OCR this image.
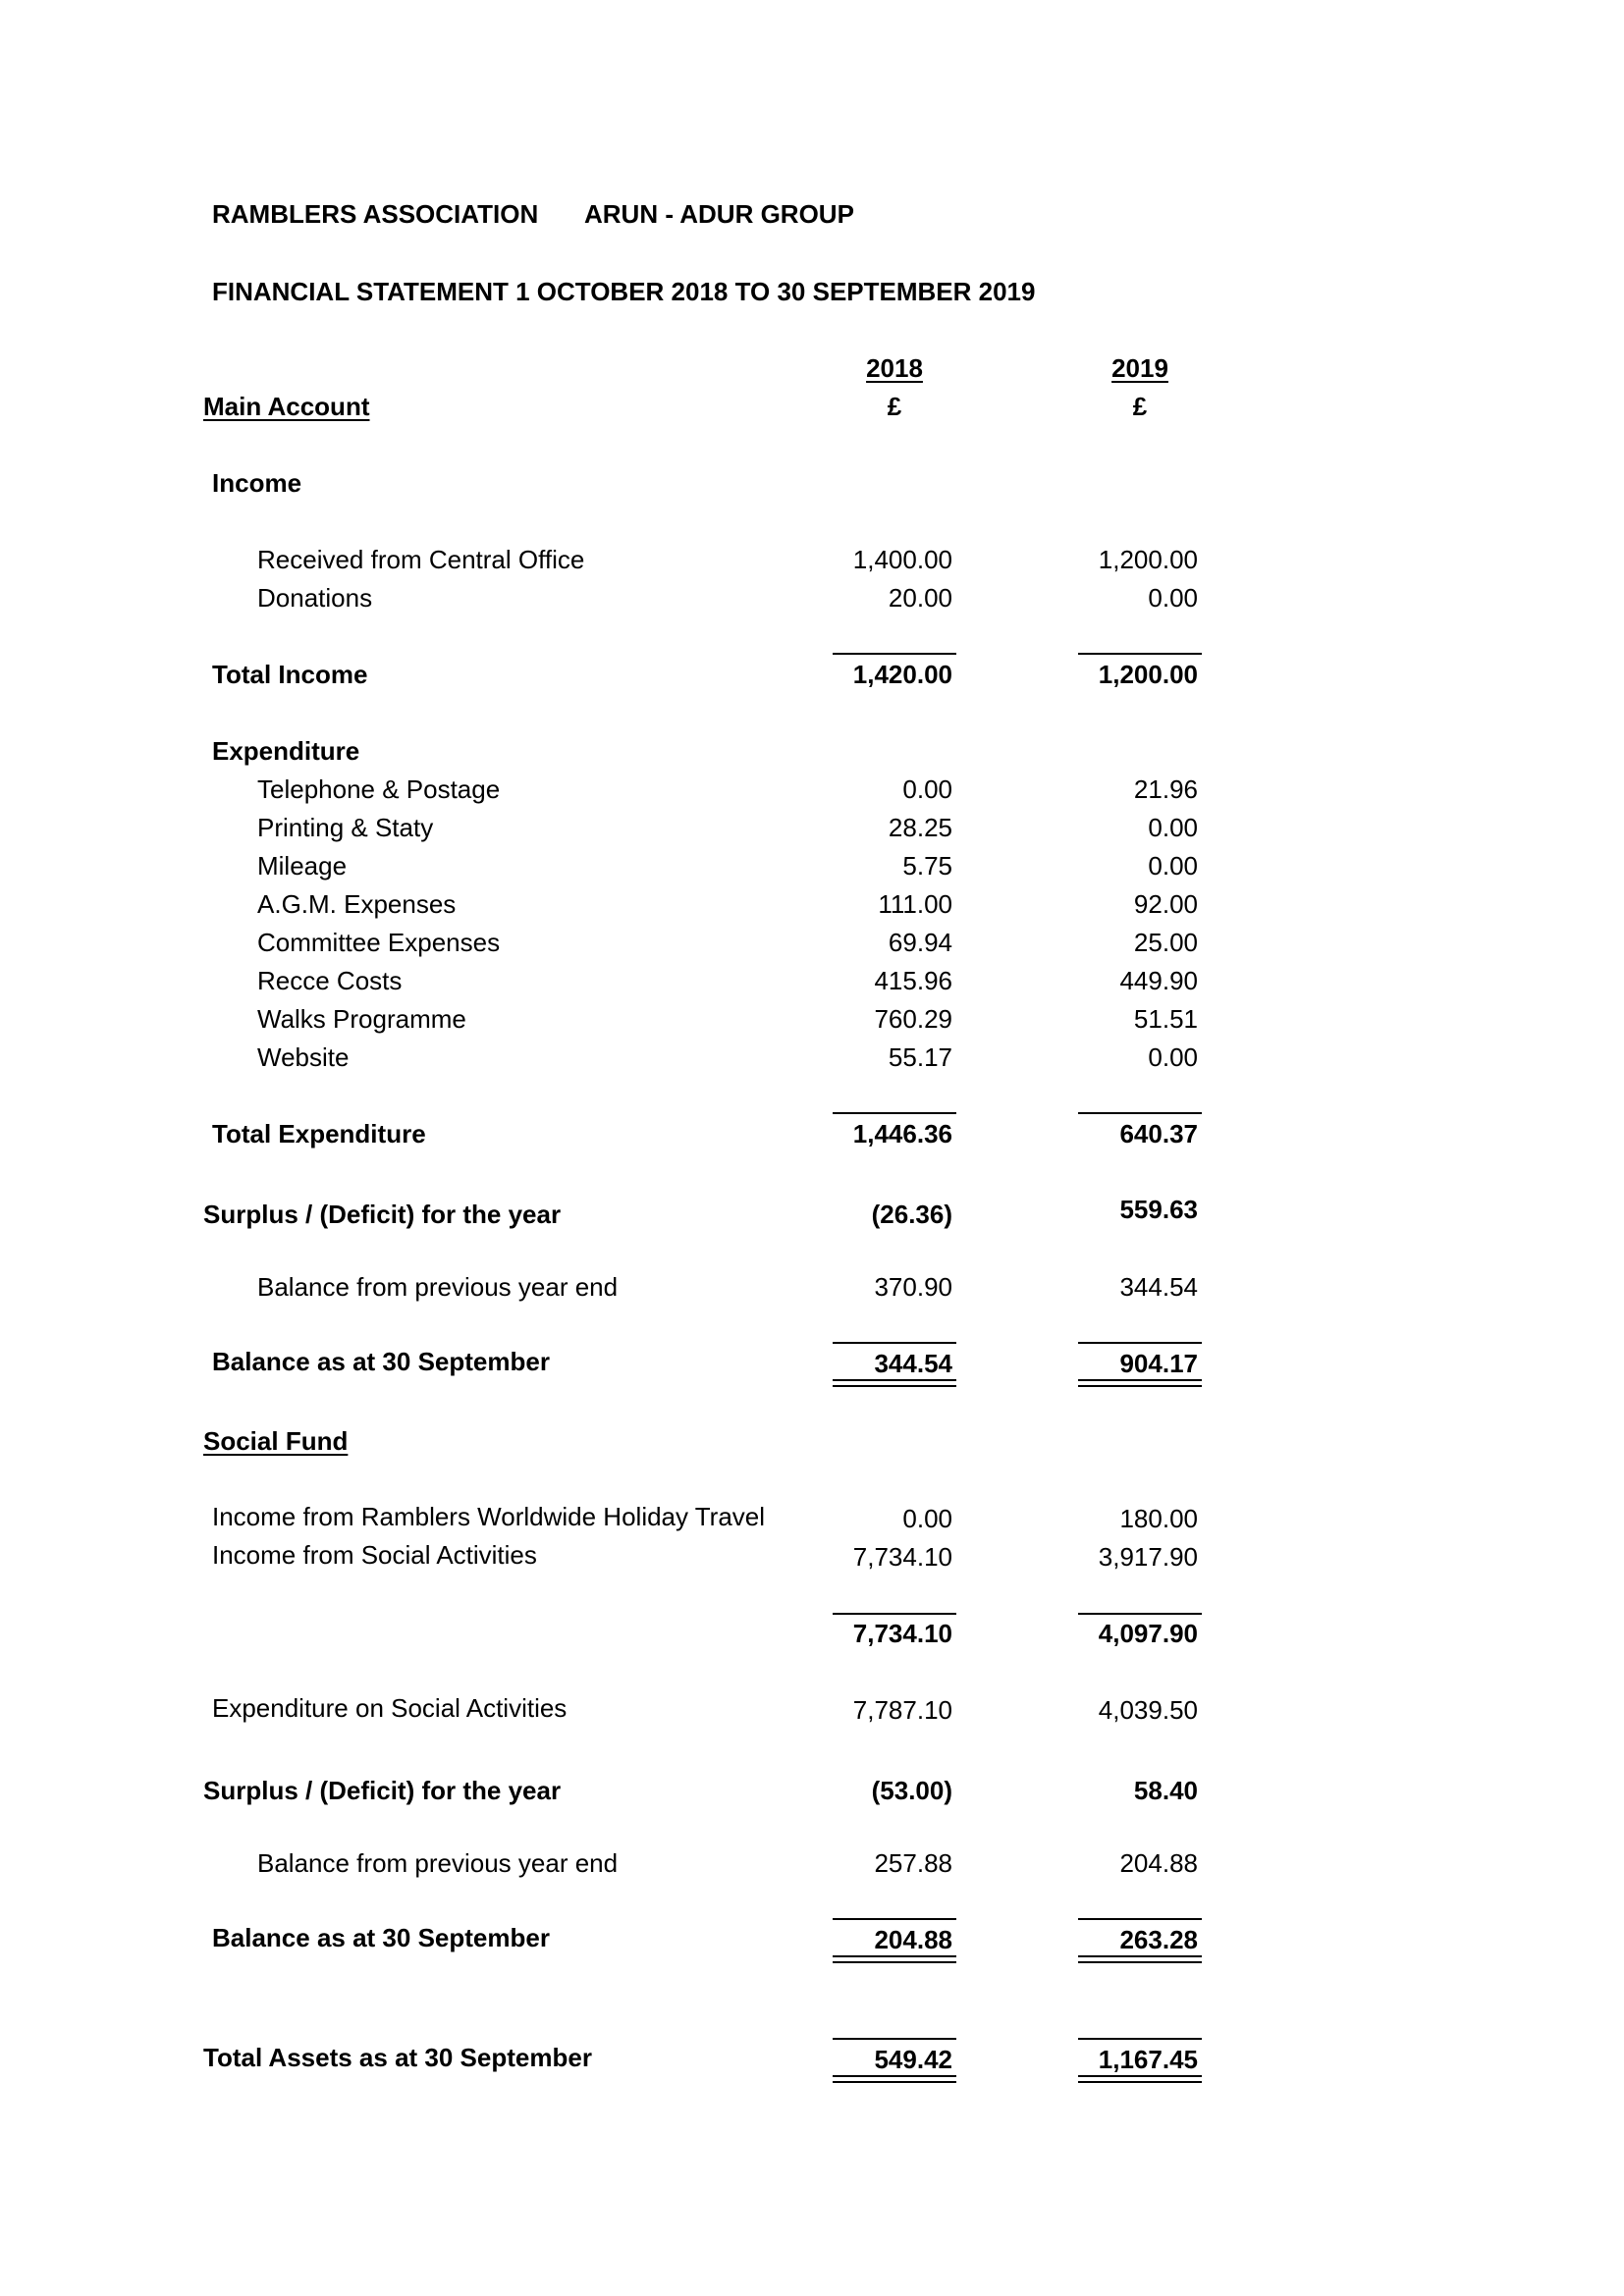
RAMBLERS ASSOCIATION ARUN - ADUR GROUP
FINANCIAL STATEMENT 1 OCTOBER 2018 TO 30 SEPTEMBER 2019
2018	2019
£	£
Main Account
Income
Received from Central Office	1,400.00	1,200.00
Donations	20.00	0.00
Total Income	1,420.00	1,200.00
Expenditure
Telephone & Postage	0.00	21.96
Printing & Staty	28.25	0.00
Mileage	5.75	0.00
A.G.M. Expenses	111.00	92.00
Committee Expenses	69.94	25.00
Recce Costs	415.96	449.90
Walks Programme	760.29	51.51
Website	55.17	0.00
Total Expenditure	1,446.36	640.37
Surplus / (Deficit) for the year	(26.36)	559.63
Balance from previous year end	370.90	344.54
Balance as at 30 September	344.54	904.17
Social Fund
Income from Ramblers Worldwide Holiday Travel	0.00	180.00
Income from Social Activities	7,734.10	3,917.90
7,734.10	4,097.90
Expenditure on Social Activities	7,787.10	4,039.50
Surplus / (Deficit) for the year	(53.00)	58.40
Balance from previous year end	257.88	204.88
Balance as at 30 September	204.88	263.28
Total Assets as at 30 September	549.42	1,167.45
